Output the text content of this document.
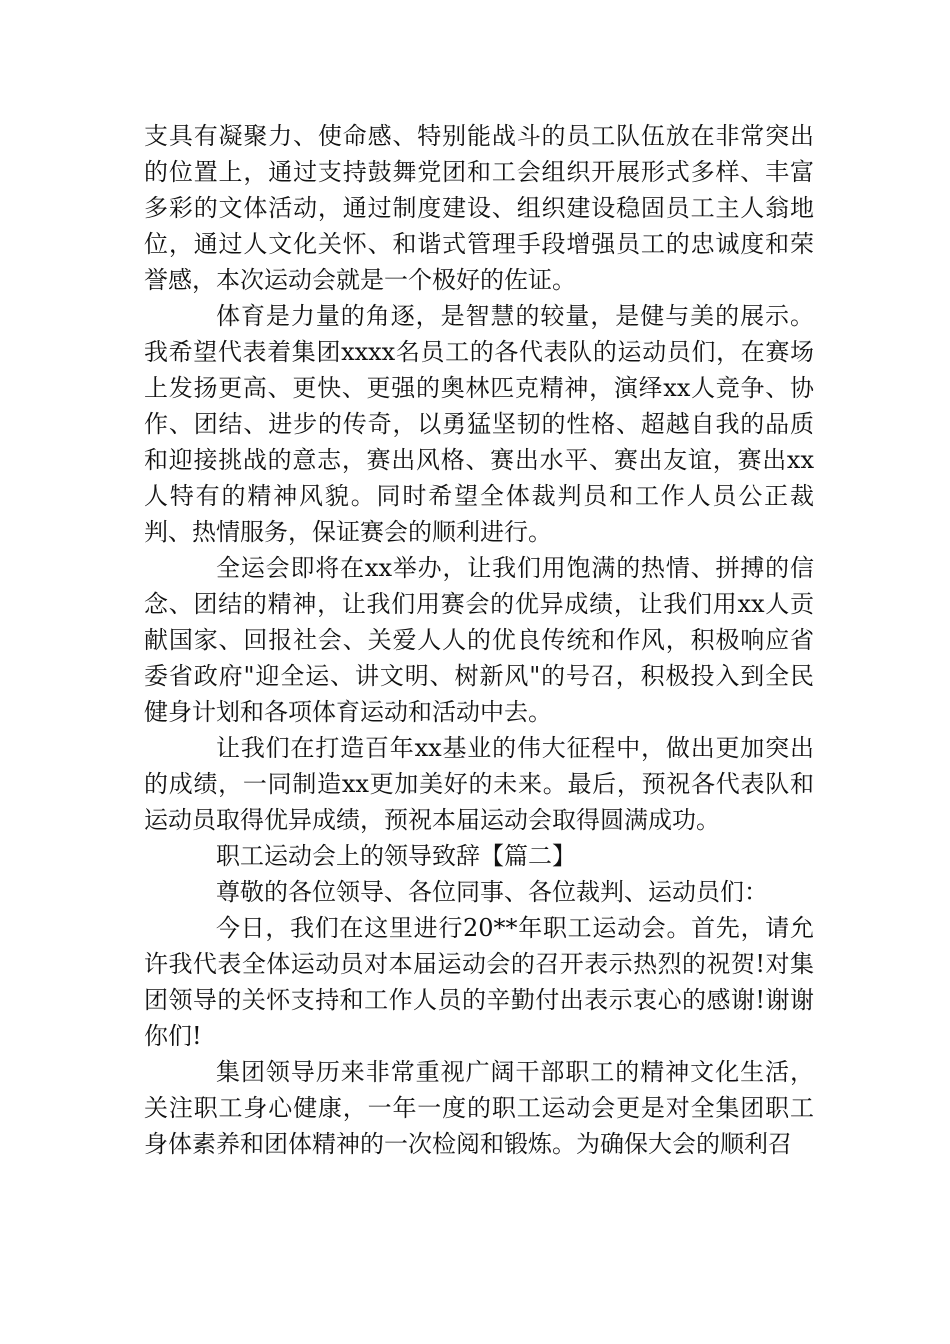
支具有凝聚力、使命感、特别能战斗的员工队伍放在非常突出的位置上，通过支持鼓舞党团和工会组织开展形式多样、丰富多彩的文体活动，通过制度建设、组织建设稳固员工主人翁地位，通过人文化关怀、和谐式管理手段增强员工的忠诚度和荣誉感，本次运动会就是一个极好的佐证。

体育是力量的角逐，是智慧的较量，是健与美的展示。我希望代表着集团xxxx名员工的各代表队的运动员们，在赛场上发扬更高、更快、更强的奥林匹克精神，演绎xx人竞争、协作、团结、进步的传奇，以勇猛坚韧的性格、超越自我的品质和迎接挑战的意志，赛出风格、赛出水平、赛出友谊，赛出xx人特有的精神风貌。同时希望全体裁判员和工作人员公正裁判、热情服务，保证赛会的顺利进行。

全运会即将在xx举办，让我们用饱满的热情、拼搏的信念、团结的精神，让我们用赛会的优异成绩，让我们用xx人贡献国家、回报社会、关爱人人的优良传统和作风，积极响应省委省政府"迎全运、讲文明、树新风"的号召，积极投入到全民健身计划和各项体育运动和活动中去。

让我们在打造百年xx基业的伟大征程中，做出更加突出的成绩，一同制造xx更加美好的未来。最后，预祝各代表队和运动员取得优异成绩，预祝本届运动会取得圆满成功。

职工运动会上的领导致辞【篇二】

尊敬的各位领导、各位同事、各位裁判、运动员们：

今日，我们在这里进行20**年职工运动会。首先，请允许我代表全体运动员对本届运动会的召开表示热烈的祝贺!对集团领导的关怀支持和工作人员的辛勤付出表示衷心的感谢!谢谢你们!

集团领导历来非常重视广阔干部职工的精神文化生活，关注职工身心健康，一年一度的职工运动会更是对全集团职工身体素养和团体精神的一次检阅和锻炼。为确保大会的顺利召
